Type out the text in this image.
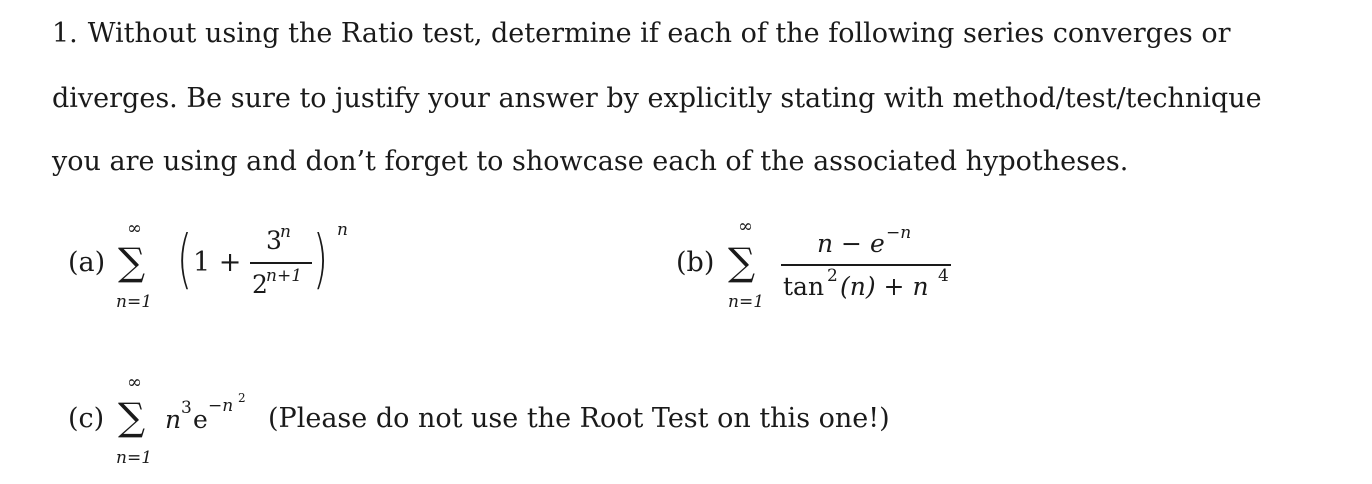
1. Without using the Ratio test, determine if each of the following series converges or
diverges. Be sure to justify your answer by explicitly stating with method/test/technique
you are using and don’t forget to showcase each of the associated hypotheses.
(a)
∞
∑
n=1
( 1 +
3
n
2
n+1 ) n
(b)
∞
∑
n=1
n − e −n
tan 2 (n) + n 4
(c)
∞
∑
n=1
n 3 e −n 2
(Please do not use the Root Test on this one!)
